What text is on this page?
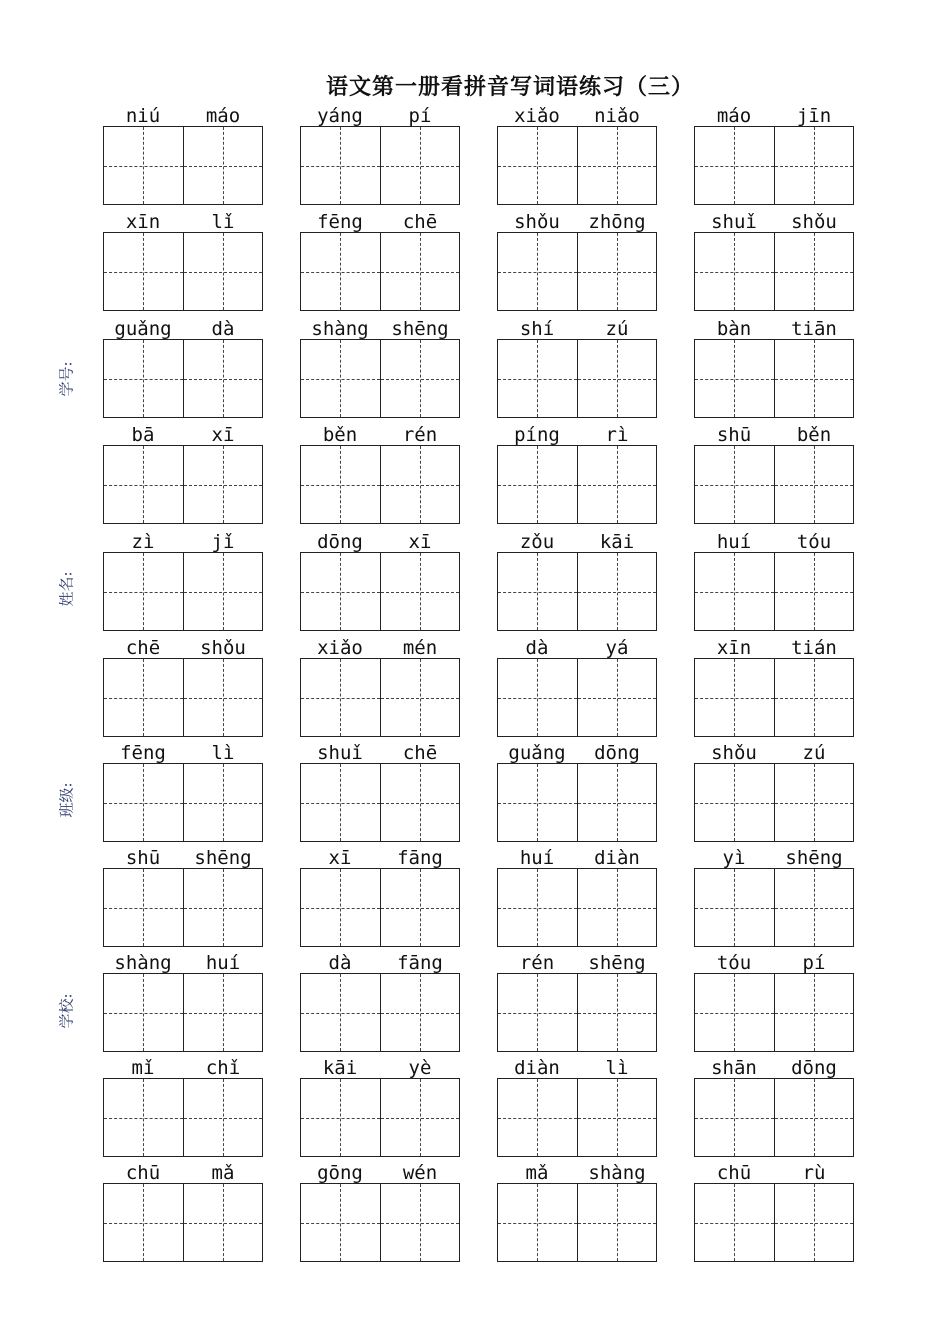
语文第一册看拼音写词语练习（三）
学号:
姓名:
班级:
学校:
niú	máo	yáng	pí	xiǎo	niǎo	máo	jīn
xīn	lǐ	fēng	chē	shǒu	zhōng	shuǐ	shǒu
guǎng	dà	shàng	shēng	shí	zú	bàn	tiān
bā	xī	běn	rén	píng	rì	shū	běn
zì	jǐ	dōng	xī	zǒu	kāi	huí	tóu
chē	shǒu	xiǎo	mén	dà	yá	xīn	tián
fēng	lì	shuǐ	chē	guǎng	dōng	shǒu	zú
shū	shēng	xī	fāng	huí	diàn	yì	shēng
shàng	huí	dà	fāng	rén	shēng	tóu	pí
mǐ	chǐ	kāi	yè	diàn	lì	shān	dōng
chū	mǎ	gōng	wén	mǎ	shàng	chū	rù
